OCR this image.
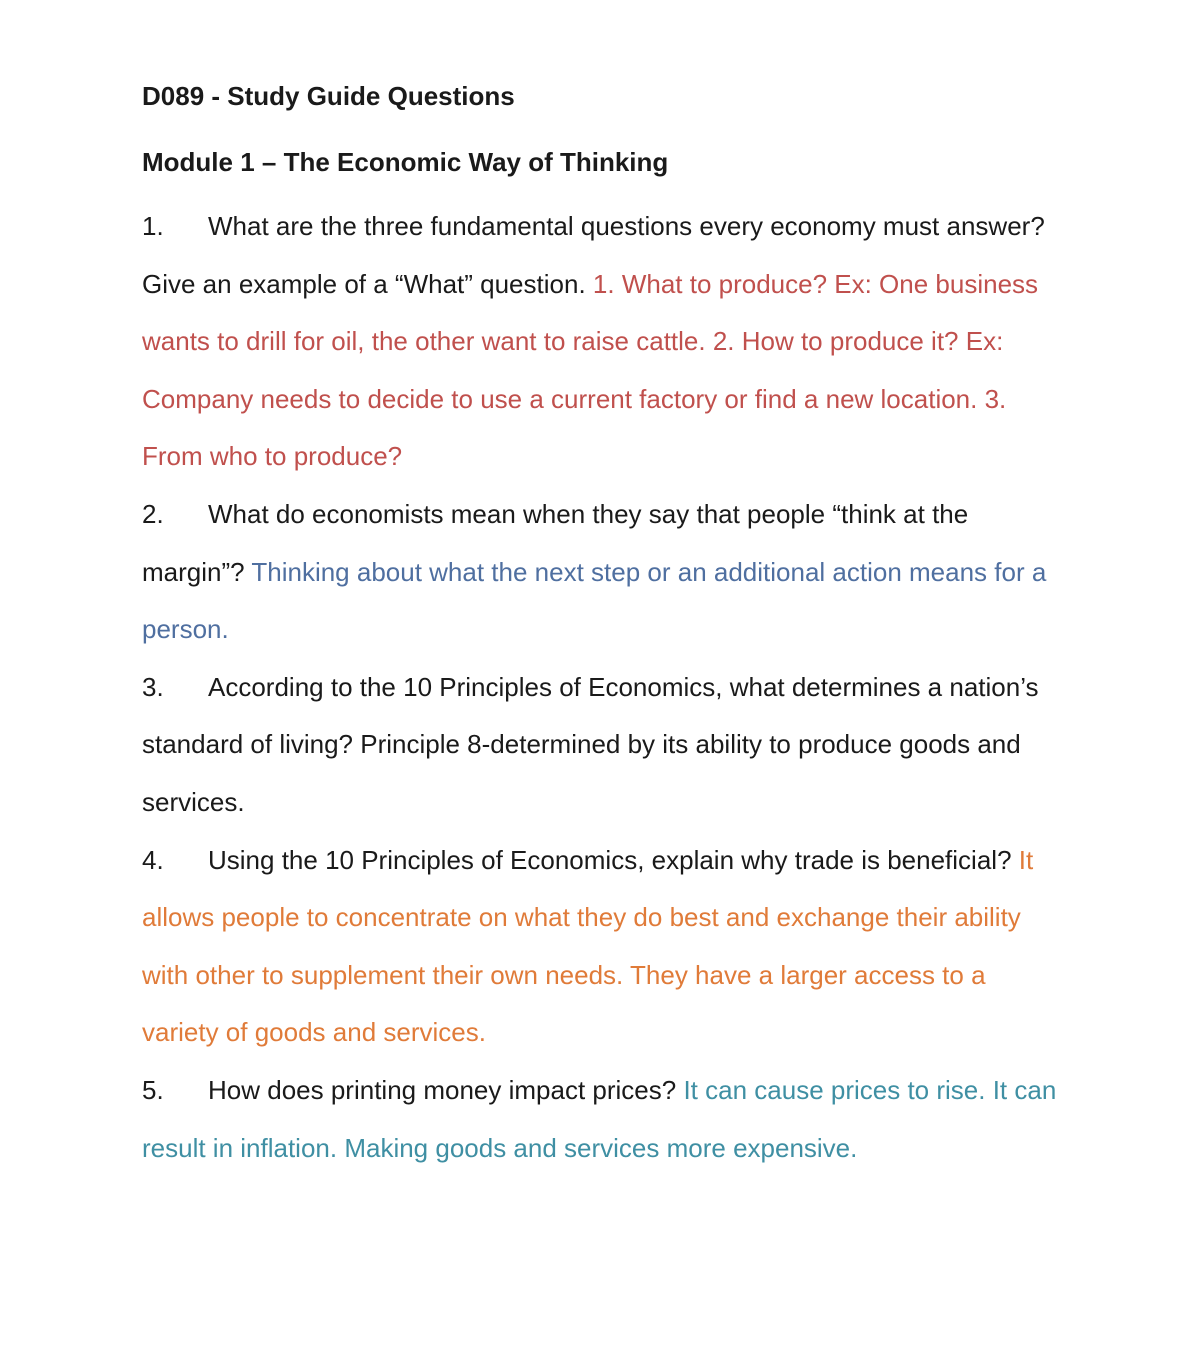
D089 - Study Guide Questions
Module 1 – The Economic Way of Thinking

1. What are the three fundamental questions every economy must answer? Give an example of a “What” question. 1. What to produce? Ex: One business wants to drill for oil, the other want to raise cattle. 2. How to produce it? Ex: Company needs to decide to use a current factory or find a new location. 3. From who to produce?

2. What do economists mean when they say that people “think at the margin”? Thinking about what the next step or an additional action means for a person.

3. According to the 10 Principles of Economics, what determines a nation’s standard of living? Principle 8-determined by its ability to produce goods and services.

4. Using the 10 Principles of Economics, explain why trade is beneficial? It allows people to concentrate on what they do best and exchange their ability with other to supplement their own needs. They have a larger access to a variety of goods and services.

5. How does printing money impact prices? It can cause prices to rise. It can result in inflation. Making goods and services more expensive.
